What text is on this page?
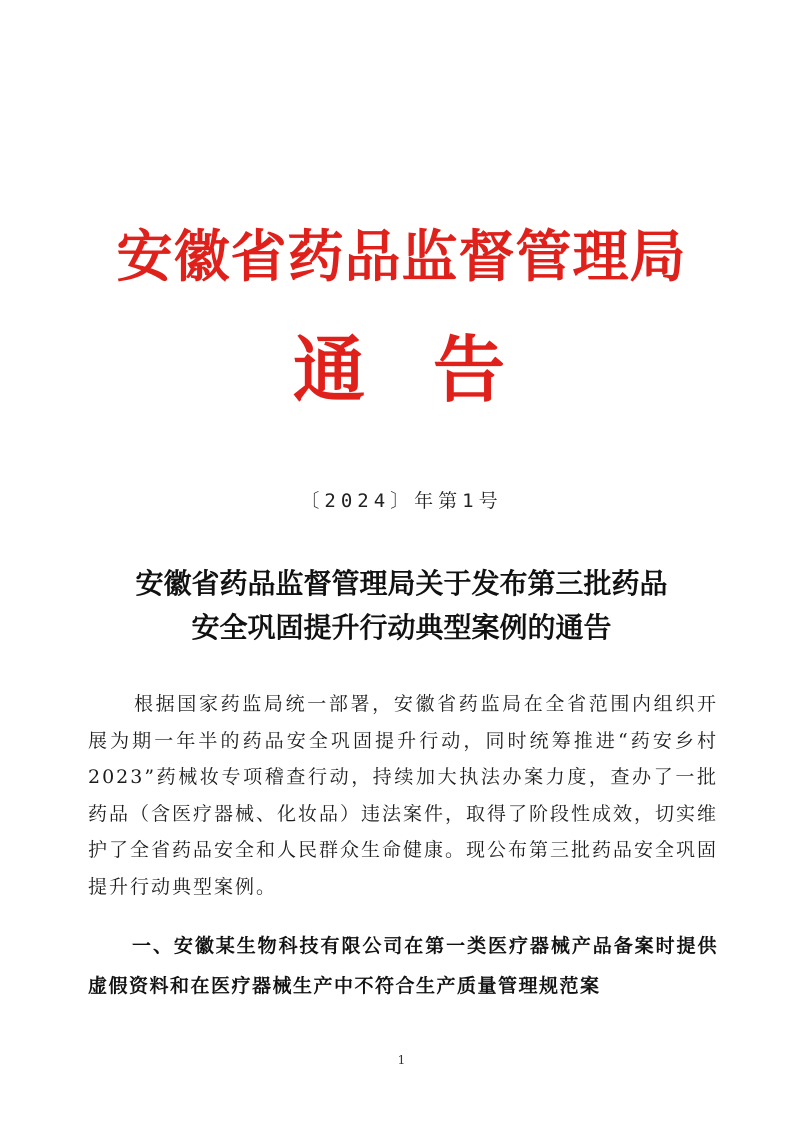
安徽省药品监督管理局
通 告
〔2024〕年第1号
安徽省药品监督管理局关于发布第三批药品
安全巩固提升行动典型案例的通告

根据国家药监局统一部署，安徽省药监局在全省范围内组织开展为期一年半的药品安全巩固提升行动，同时统筹推进“药安乡村2023”药械妆专项稽查行动，持续加大执法办案力度，查办了一批药品（含医疗器械、化妆品）违法案件，取得了阶段性成效，切实维护了全省药品安全和人民群众生命健康。现公布第三批药品安全巩固提升行动典型案例。

一、安徽某生物科技有限公司在第一类医疗器械产品备案时提供虚假资料和在医疗器械生产中不符合生产质量管理规范案

1
